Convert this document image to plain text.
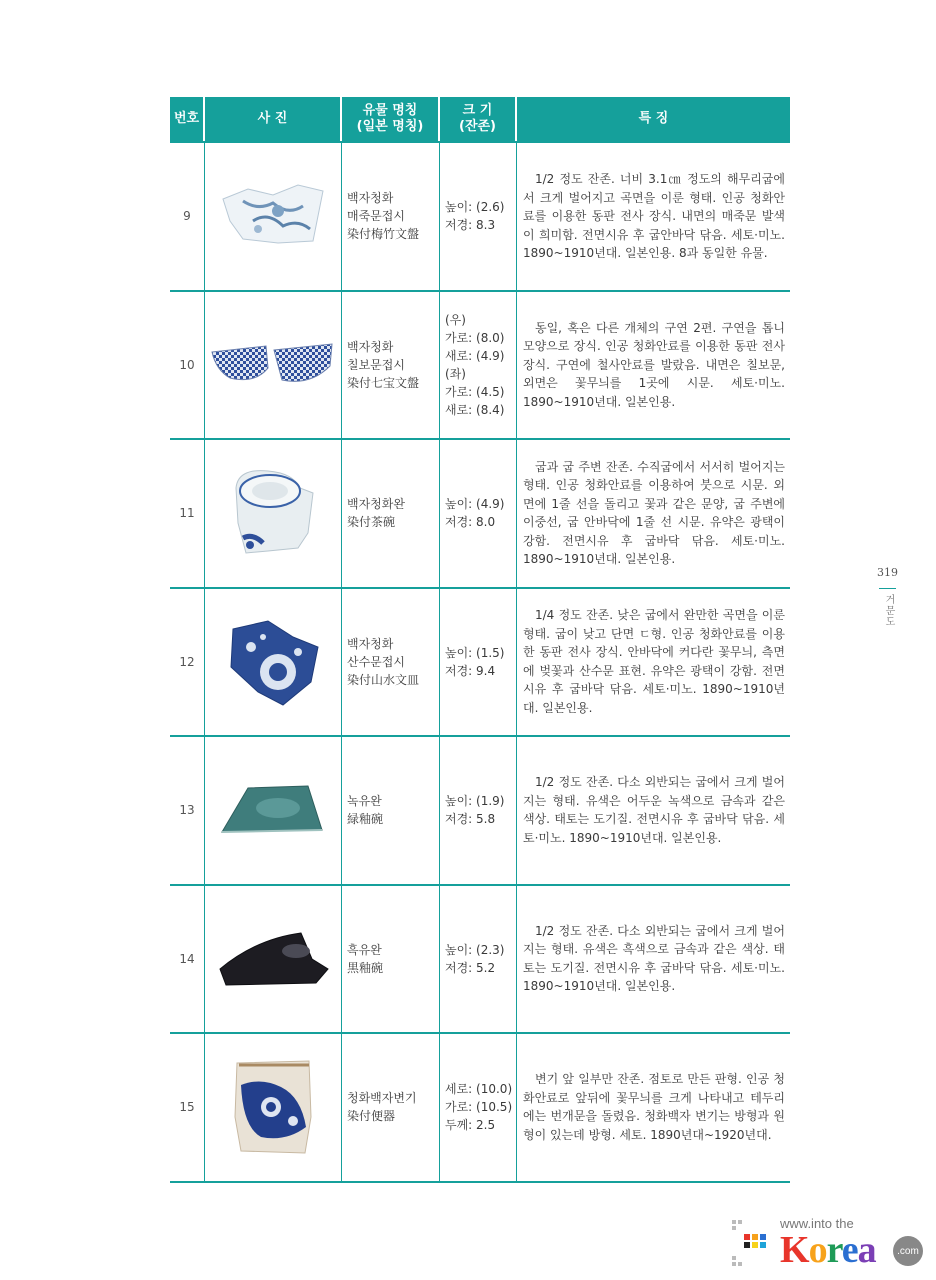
번호	사 진
유물 명칭
(일본 명칭)
크 기
(잔존)
특 징
9
백자청화
매죽문접시
染付梅竹文盤
높이: (2.6)
저경: 8.3
1/2 정도 잔존. 너비 3.1㎝ 정도의 해무리굽에서 크게 벌어지고 곡면을 이룬 형태. 인공 청화안료를 이용한 동판 전사 장식. 내면의 매죽문 발색이 희미함. 전면시유 후 굽안바닥 닦음. 세토·미노. 1890~1910년대. 일본인용. 8과 동일한 유물.
10
백자청화
칠보문접시
染付七宝文盤
(우)
가로: (8.0)
새로: (4.9)
(좌)
가로: (4.5)
새로: (8.4)
동일, 혹은 다른 개체의 구연 2편. 구연을 톱니모양으로 장식. 인공 청화안료를 이용한 동판 전사 장식. 구연에 철사안료를 발랐음. 내면은 칠보문, 외면은 꽃무늬를 1곳에 시문. 세토·미노. 1890~1910년대. 일본인용.
11
백자청화완
染付茶碗
높이: (4.9)
저경: 8.0
굽과 굽 주변 잔존. 수직굽에서 서서히 벌어지는 형태. 인공 청화안료를 이용하여 붓으로 시문. 외면에 1줄 선을 돌리고 꽃과 같은 문양, 굽 주변에 이중선, 굽 안바닥에 1줄 선 시문. 유약은 광택이 강함. 전면시유 후 굽바닥 닦음. 세토·미노. 1890~1910년대. 일본인용.
12
백자청화
산수문접시
染付山水文皿
높이: (1.5)
저경: 9.4
1/4 정도 잔존. 낮은 굽에서 완만한 곡면을 이룬 형태. 굽이 낮고 단면 ㄷ형. 인공 청화안료를 이용한 동판 전사 장식. 안바닥에 커다란 꽃무늬, 측면에 벚꽃과 산수문 표현. 유약은 광택이 강함. 전면시유 후 굽바닥 닦음. 세토·미노. 1890~1910년대. 일본인용.
13
녹유완
緑釉碗
높이: (1.9)
저경: 5.8
1/2 정도 잔존. 다소 외반되는 굽에서 크게 벌어지는 형태. 유색은 어두운 녹색으로 금속과 같은 색상. 태토는 도기질. 전면시유 후 굽바닥 닦음. 세토·미노. 1890~1910년대. 일본인용.
14
흑유완
黒釉碗
높이: (2.3)
저경: 5.2
1/2 정도 잔존. 다소 외반되는 굽에서 크게 벌어지는 형태. 유색은 흑색으로 금속과 같은 색상. 태토는 도기질. 전면시유 후 굽바닥 닦음. 세토·미노. 1890~1910년대. 일본인용.
15
청화백자변기
染付便器
세로: (10.0)
가로: (10.5)
두께: 2.5
변기 앞 일부만 잔존. 점토로 만든 판형. 인공 청화안료로 앞뒤에 꽃무늬를 크게 나타내고 테두리에는 번개문을 돌렸음. 청화백자 변기는 방형과 원형이 있는데 방형. 세토. 1890년대~1920년대.
319
거문도
www.into the
Korea	.com
